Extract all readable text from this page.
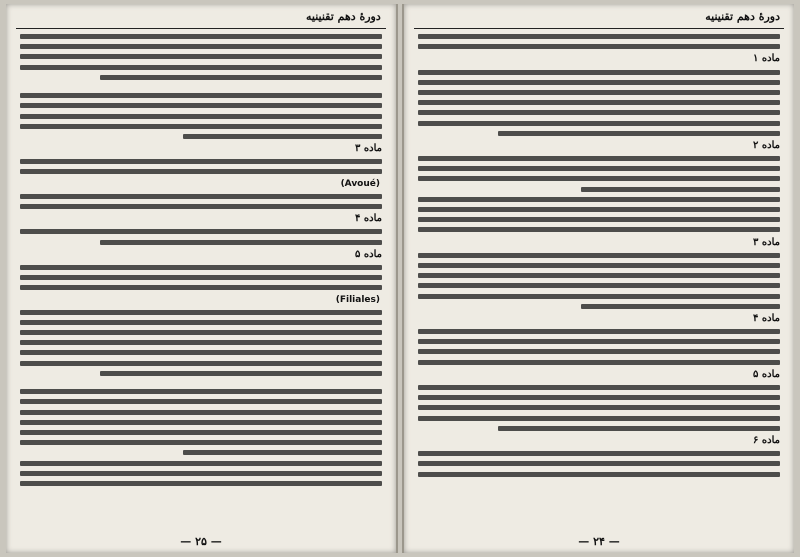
دورهٔ دهم تقنینیه
ماده ۳
(Avoué)
ماده ۴
ماده ۵
(Filiales)
— ۲۵ —
دورهٔ دهم تقنینیه
ماده ۱
ماده ۲
ماده ۳
ماده ۴
ماده ۵
ماده ۶
— ۲۴ —
